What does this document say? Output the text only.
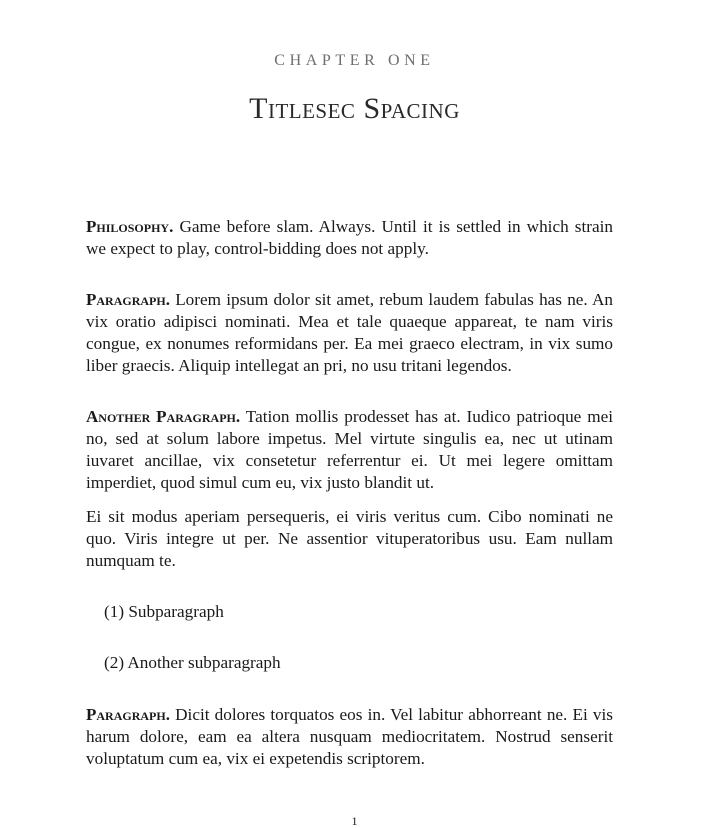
CHAPTER ONE
Titlesec Spacing

Philosophy. Game before slam. Always. Until it is settled in which strain we expect to play, control-bidding does not apply.

Paragraph. Lorem ipsum dolor sit amet, rebum laudem fabulas has ne. An vix oratio adipisci nominati. Mea et tale quaeque appareat, te nam viris congue, ex nonumes reformidans per. Ea mei graeco electram, in vix sumo liber graecis. Aliquip intellegat an pri, no usu tritani legendos.

Another Paragraph. Tation mollis prodesset has at. Iudico patrioque mei no, sed at solum labore impetus. Mel virtute singulis ea, nec ut utinam iuvaret ancillae, vix consetetur referrentur ei. Ut mei legere omittam imperdiet, quod simul cum eu, vix justo blandit ut.

Ei sit modus aperiam persequeris, ei viris veritus cum. Cibo nominati ne quo. Viris integre ut per. Ne assentior vituperatoribus usu. Eam nullam numquam te.

(1) Subparagraph

(2) Another subparagraph

Paragraph. Dicit dolores torquatos eos in. Vel labitur abhorreant ne. Ei vis harum dolore, eam ea altera nusquam mediocritatem. Nostrud senserit voluptatum cum ea, vix ei expetendis scriptorem.

1
